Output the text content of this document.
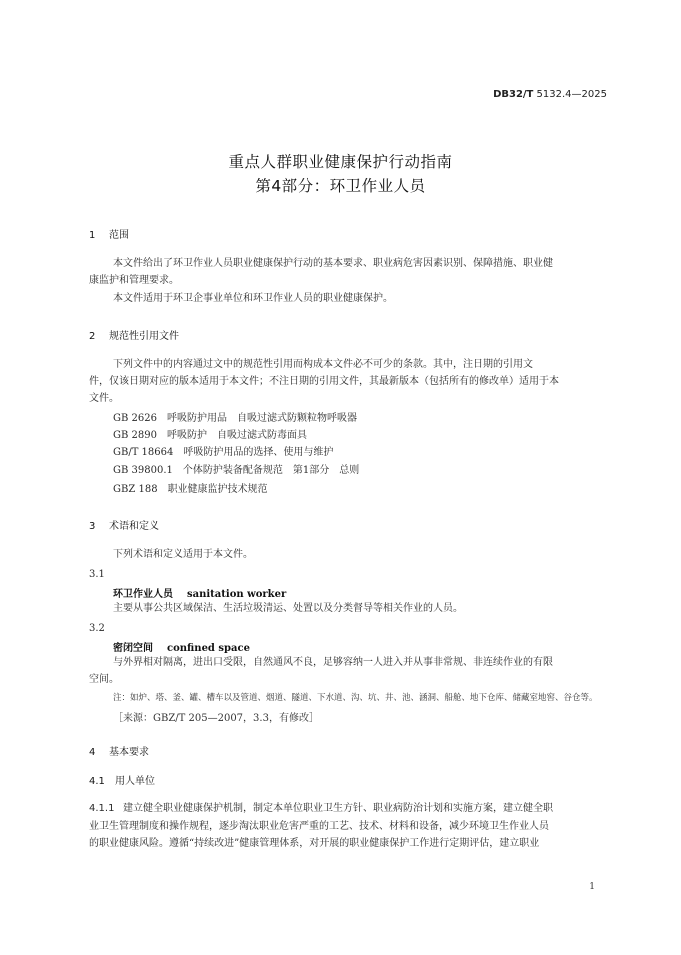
DB32/T 5132.4—2025
重点人群职业健康保护行动指南
第4部分：环卫作业人员
1 范围
本文件给出了环卫作业人员职业健康保护行动的基本要求、职业病危害因素识别、保障措施、职业健
康监护和管理要求。
本文件适用于环卫企事业单位和环卫作业人员的职业健康保护。
2 规范性引用文件
下列文件中的内容通过文中的规范性引用而构成本文件必不可少的条款。其中，注日期的引用文
件，仅该日期对应的版本适用于本文件；不注日期的引用文件，其最新版本（包括所有的修改单）适用于本
文件。
GB 2626　 呼吸防护用品　自吸过滤式防颗粒物呼吸器
GB 2890　 呼吸防护　自吸过滤式防毒面具
GB/T 18664　 呼吸防护用品的选择、使用与维护
GB 39800.1　 个体防护装备配备规范　第1部分　总则
GBZ 188　 职业健康监护技术规范
3 术语和定义
下列术语和定义适用于本文件。
3.1
环卫作业人员 sanitation worker
主要从事公共区域保洁、生活垃圾清运、处置以及分类督导等相关作业的人员。
3.2
密闭空间 confined space
与外界相对隔离，进出口受限，自然通风不良，足够容纳一人进入并从事非常规、非连续作业的有限
空间。
注：如炉、塔、釜、罐、槽车以及管道、烟道、隧道、下水道、沟、坑、井、池、涵洞、船舱、地下仓库、储藏室地窖、谷仓等。
［来源：GBZ/T 205—2007，3.3，有修改］
4 基本要求
4.1 用人单位
4.1.1 建立健全职业健康保护机制，制定本单位职业卫生方针、职业病防治计划和实施方案，建立健全职
业卫生管理制度和操作规程，逐步淘汰职业危害严重的工艺、技术、材料和设备，减少环境卫生作业人员
的职业健康风险。遵循“持续改进”健康管理体系，对开展的职业健康保护工作进行定期评估，建立职业
1
